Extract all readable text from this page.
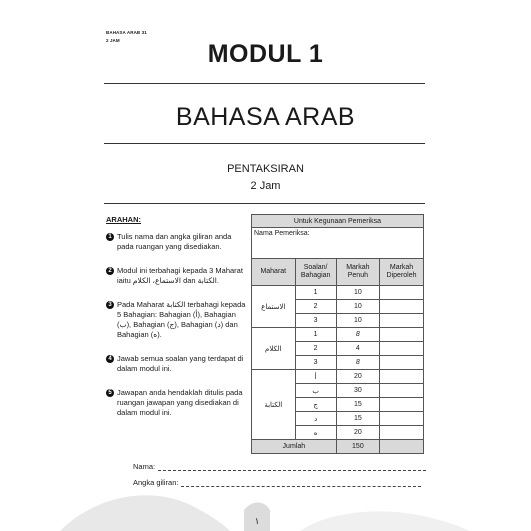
BAHASA ARAB 31
2 JAM	MODUL 1
BAHASA ARAB
PENTAKSIRAN
2 Jam
ARAHAN:
1 Tulis nama dan angka giliran anda pada ruangan yang disediakan.
2 Modul ini terbahagi kepada 3 Maharat iaitu الاستماع، الكلام dan الكتابة.
3 Pada Maharat الكتابة terbahagi kepada 5 Bahagian: Bahagian (أ), Bahagian (ب), Bahagian (ج), Bahagian (د) dan Bahagian (ه).
4 Jawab semua soalan yang terdapat di dalam modul ini.
5 Jawapan anda hendaklah ditulis pada ruangan jawapan yang disediakan di dalam modul ini.
Untuk Kegunaan Pemeriksa			
Nama Pemeriksa:			
Maharat	Soalan/ Bahagian	Markah Penuh	Markah Diperoleh
الاستماع	1	10	
	2	10	
	3	10	
الكلام	1	8	
	2	4	
	3	8	
الكتابة	أ	20	
	ب	30	
	ج	15	
	د	15	
	ه	20	
Jumlah		150	
Nama:
Angka giliran:
١
